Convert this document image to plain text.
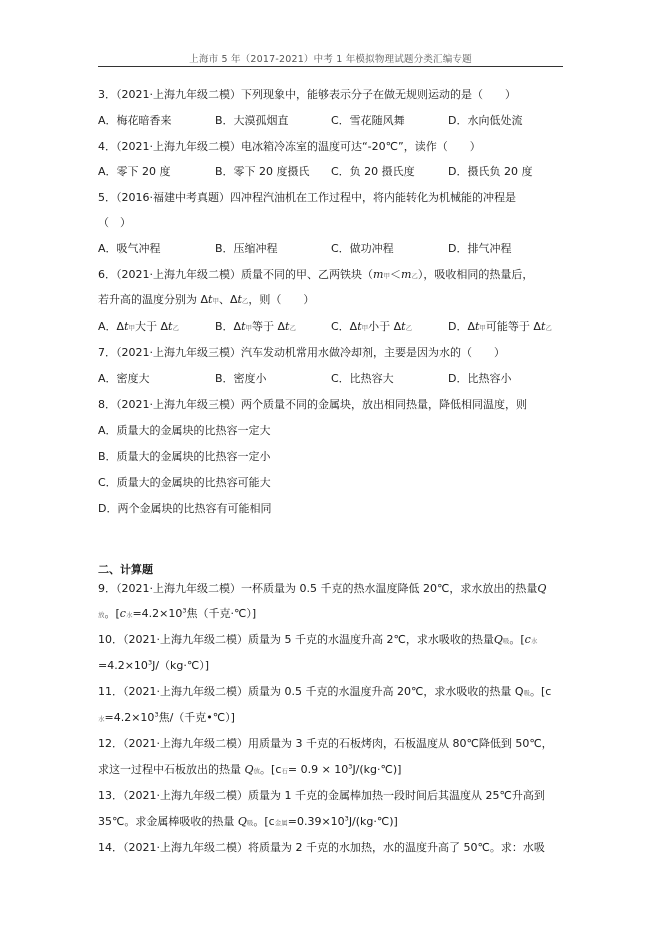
上海市 5 年（2017-2021）中考 1 年模拟物理试题分类汇编专题
3．（2021·上海九年级二模）下列现象中，能够表示分子在做无规则运动的是（　　）
A．梅花暗香来	B．大漠孤烟直	C．雪花随风舞	D．水向低处流
4．（2021·上海九年级二模）电冰箱冷冻室的温度可达“-20℃”，读作（　　）
A．零下 20 度	B．零下 20 度摄氏 C．负 20 摄氏度	D．摄氏负 20 度
5．（2016·福建中考真题）四冲程汽油机在工作过程中，将内能转化为机械能的冲程是
（　）
A．吸气冲程	B．压缩冲程	C．做功冲程	D．排气冲程
6．（2021·上海九年级二模）质量不同的甲、乙两铁块（m甲＜m乙），吸收相同的热量后，
若升高的温度分别为 Δt甲、Δt乙，则（　　）
A．Δt甲大于 Δt乙	B．Δt甲等于 Δt乙	C．Δt甲小于 Δt乙	D．Δt甲可能等于 Δt乙
7．（2021·上海九年级三模）汽车发动机常用水做冷却剂，主要是因为水的（　　）
A．密度大	B．密度小	C．比热容大	D．比热容小
8．（2021·上海九年级三模）两个质量不同的金属块，放出相同热量，降低相同温度，则
A．质量大的金属块的比热容一定大
B．质量大的金属块的比热容一定小
C．质量大的金属块的比热容可能大
D．两个金属块的比热容有可能相同
二、计算题
9．（2021·上海九年级二模）一杯质量为 0.5 千克的热水温度降低 20℃，求水放出的热量Q
放。[c水$=4.2\times 10^3$焦（千克·℃）]
10．（2021·上海九年级二模）质量为 5 千克的水温度升高 2℃，求水吸收的热量Q吸。[c水
$=4.2\times 10^3J/(kg\cdot℃)$]
11．（2021·上海九年级二模）质量为 0.5 千克的水温度升高 20℃，求水吸收的热量 Q吸。[c
水$=4.2\times 10^3$焦/（千克•℃）]
12．（2021·上海九年级二模）用质量为 3 千克的石板烤肉，石板温度从 80℃降低到 50℃，
求这一过程中石板放出的热量 Q放。[c石= $0.9 \times 10^3J/(kg\cdot℃)$]
13．（2021·上海九年级二模）质量为 1 千克的金属棒加热一段时间后其温度从 25℃升高到
35℃。求金属棒吸收的热量 Q吸。[c金属$=0.39\times 10^3J/(kg\cdot℃)$]
14．（2021·上海九年级二模）将质量为 2 千克的水加热，水的温度升高了 50℃。求：水吸
